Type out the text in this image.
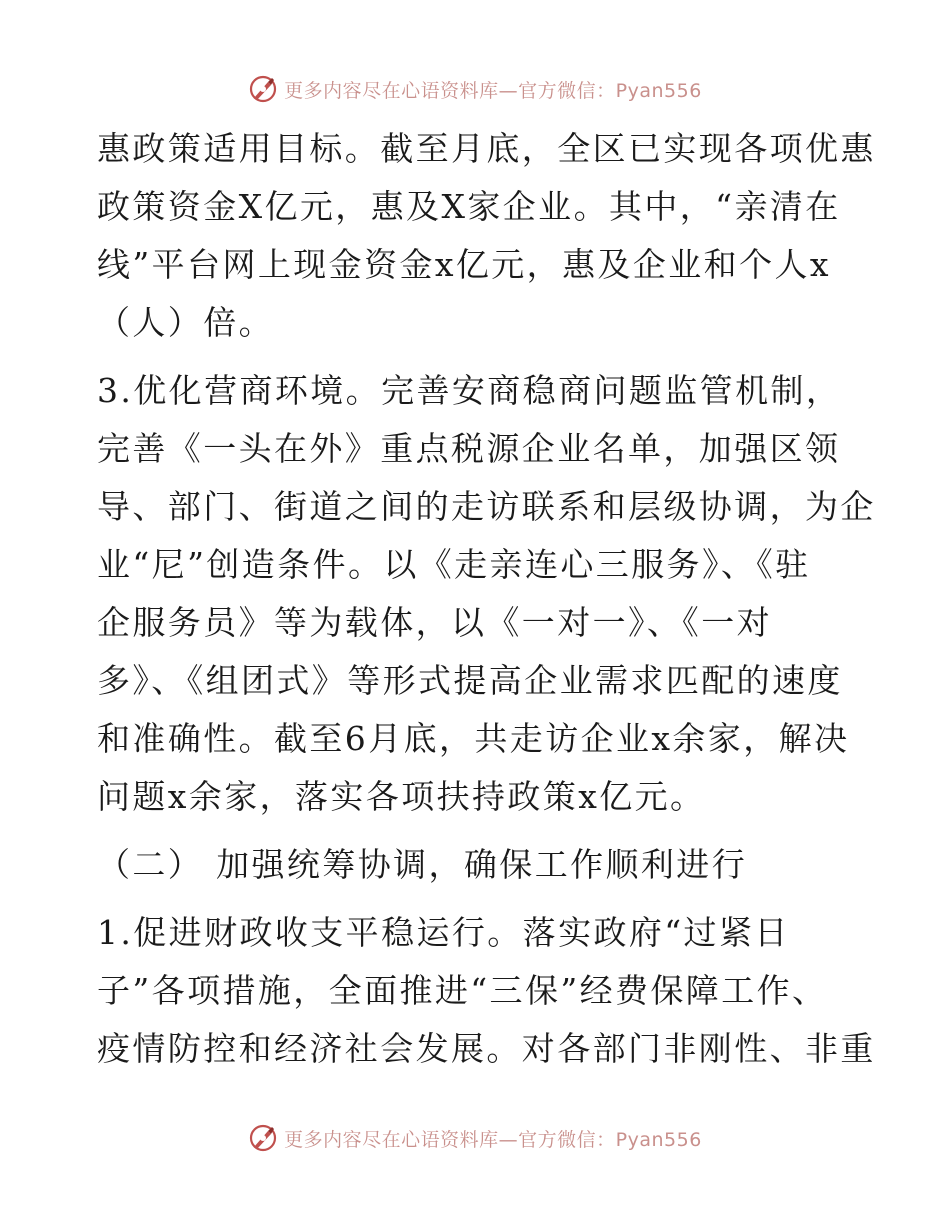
更多内容尽在心语资料库—官方微信：Pyan556
惠政策适用目标。截至月底，全区已实现各项优惠
政策资金X亿元，惠及X家企业。其中，“亲清在
线”平台网上现金资金x亿元，惠及企业和个人x
（人）倍。
3.优化营商环境。完善安商稳商问题监管机制，
完善《一头在外》重点税源企业名单，加强区领
导、部门、街道之间的走访联系和层级协调，为企
业“尼”创造条件。以《走亲连心三服务》、《驻
企服务员》等为载体，以《一对一》、《一对
多》、《组团式》等形式提高企业需求匹配的速度
和准确性。截至6月底，共走访企业x余家，解决
问题x余家，落实各项扶持政策x亿元。
（二） 加强统筹协调，确保工作顺利进行
1.促进财政收支平稳运行。落实政府“过紧日
子”各项措施，全面推进“三保”经费保障工作、
疫情防控和经济社会发展。对各部门非刚性、非重
更多内容尽在心语资料库—官方微信：Pyan556
